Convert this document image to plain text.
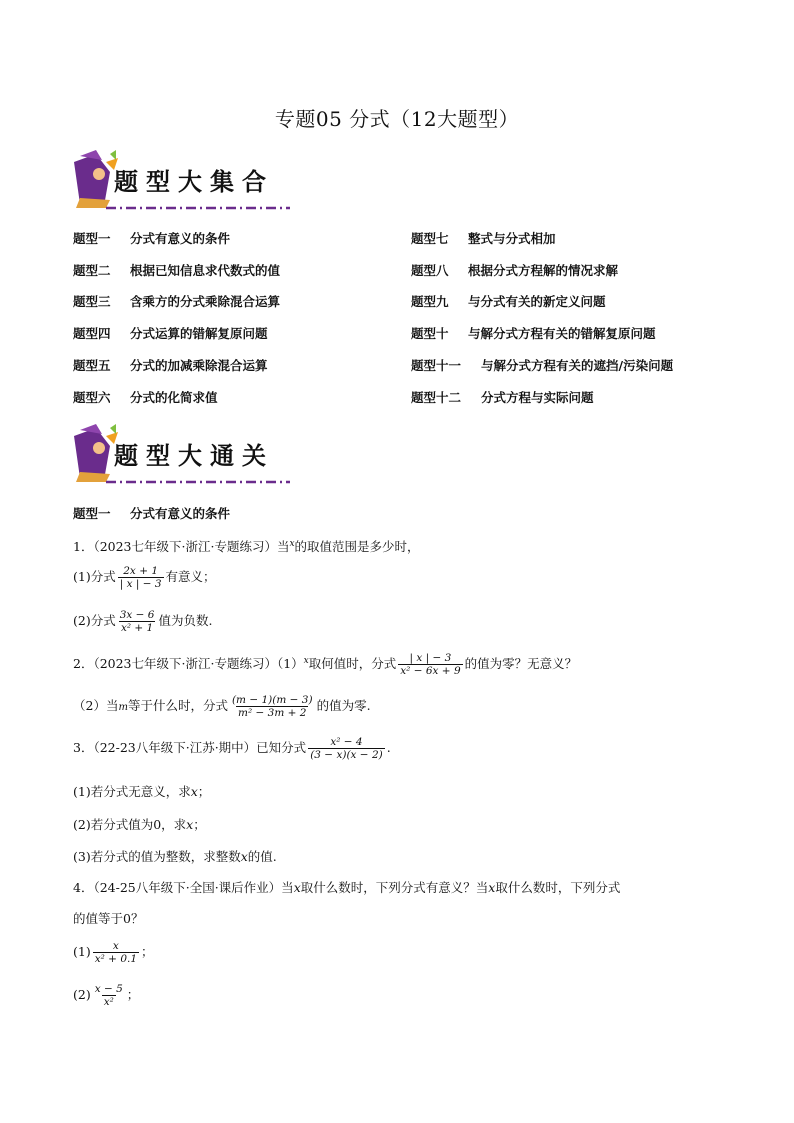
专题05 分式（12大题型）
题型大集合
题型一 分式有意义的条件
题型二 根据已知信息求代数式的值
题型三 含乘方的分式乘除混合运算
题型四 分式运算的错解复原问题
题型五 分式的加减乘除混合运算
题型六 分式的化简求值
题型七 整式与分式相加
题型八 根据分式方程解的情况求解
题型九 与分式有关的新定义问题
题型十 与解分式方程有关的错解复原问题
题型十一 与解分式方程有关的遮挡/污染问题
题型十二 分式方程与实际问题
题型大通关
题型一 分式有意义的条件
1．（2023七年级下·浙江·专题练习）当$^x$的取值范围是多少时，
(1)分式 $\frac{2x + 1}{| x | - 3}$ 有意义；
(2)分式 $\frac{3x - 6}{\text{x² + 1}}$ 值为负数.
2．（2023七年级下·浙江·专题练习）$(1)^x$取何值时，分式 $\frac{| x | - 3}{\text{x² − 6x + 9}}$ 的值为零？无意义？
（2）当m等于什么时，分式 $\frac{(m - 1)(m - 3)}{\text{m² − 3m + 2}}$ 的值为零.
3．（22-23八年级下·江苏·期中）已知分式 $\frac{\text{x² − 4}}{(3 - x)(x - 2)}$ .
(1)若分式无意义，求x；
(2)若分式值为0，求x；
(3)若分式的值为整数，求整数x的值.
4．（24-25八年级下·全国·课后作业）当x取什么数时，下列分式有意义？当x取什么数时，下列分式
的值等于0？
$(1) \frac{x}{\text{x² + 0.1}}$ ；
$(2) \frac{x - 5}{\text{x²}}$ ；
